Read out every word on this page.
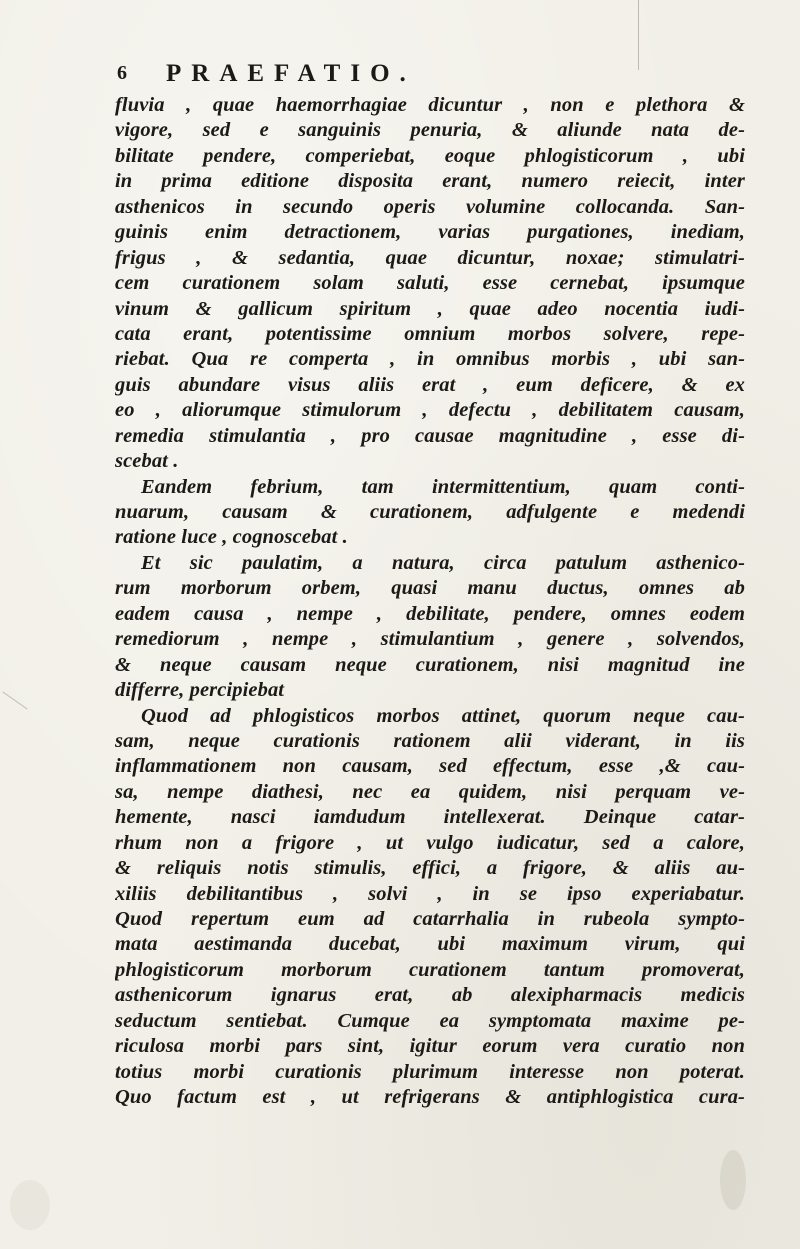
6 PRAEFATIO.
fluvia , quae haemorrhagiae dicuntur , non e plethora &
vigore, sed e sanguinis penuria, & aliunde nata de-
bilitate pendere, comperiebat, eoque phlogisticorum , ubi
in prima editione disposita erant, numero reiecit, inter
asthenicos in secundo operis volumine collocanda. San-
guinis enim detractionem, varias purgationes, inediam,
frigus , & sedantia, quae dicuntur, noxae; stimulatri-
cem curationem solam saluti, esse cernebat, ipsumque
vinum & gallicum spiritum , quae adeo nocentia iudi-
cata erant, potentissime omnium morbos solvere, repe-
riebat. Qua re comperta , in omnibus morbis , ubi san-
guis abundare visus aliis erat , eum deficere, & ex
eo , aliorumque stimulorum , defectu , debilitatem causam,
remedia stimulantia , pro causae magnitudine , esse di-
scebat .
Eandem febrium, tam intermittentium, quam conti-
nuarum, causam & curationem, adfulgente e medendi
ratione luce , cognoscebat .
Et sic paulatim, a natura, circa patulum asthenico-
rum morborum orbem, quasi manu ductus, omnes ab
eadem causa , nempe , debilitate, pendere, omnes eodem
remediorum , nempe , stimulantium , genere , solvendos,
& neque causam neque curationem, nisi magnitud ine
differre, percipiebat
Quod ad phlogisticos morbos attinet, quorum neque cau-
sam, neque curationis rationem alii viderant, in iis
inflammationem non causam, sed effectum, esse ,& cau-
sa, nempe diathesi, nec ea quidem, nisi perquam ve-
hemente, nasci iamdudum intellexerat. Deinque catar-
rhum non a frigore , ut vulgo iudicatur, sed a calore,
& reliquis notis stimulis, effici, a frigore, & aliis au-
xiliis debilitantibus , solvi , in se ipso experiabatur.
Quod repertum eum ad catarrhalia in rubeola sympto-
mata aestimanda ducebat, ubi maximum virum, qui
phlogisticorum morborum curationem tantum promoverat,
asthenicorum ignarus erat, ab alexipharmacis medicis
seductum sentiebat. Cumque ea symptomata maxime pe-
riculosa morbi pars sint, igitur eorum vera curatio non
totius morbi curationis plurimum interesse non poterat.
Quo factum est , ut refrigerans & antiphlogistica cura-
